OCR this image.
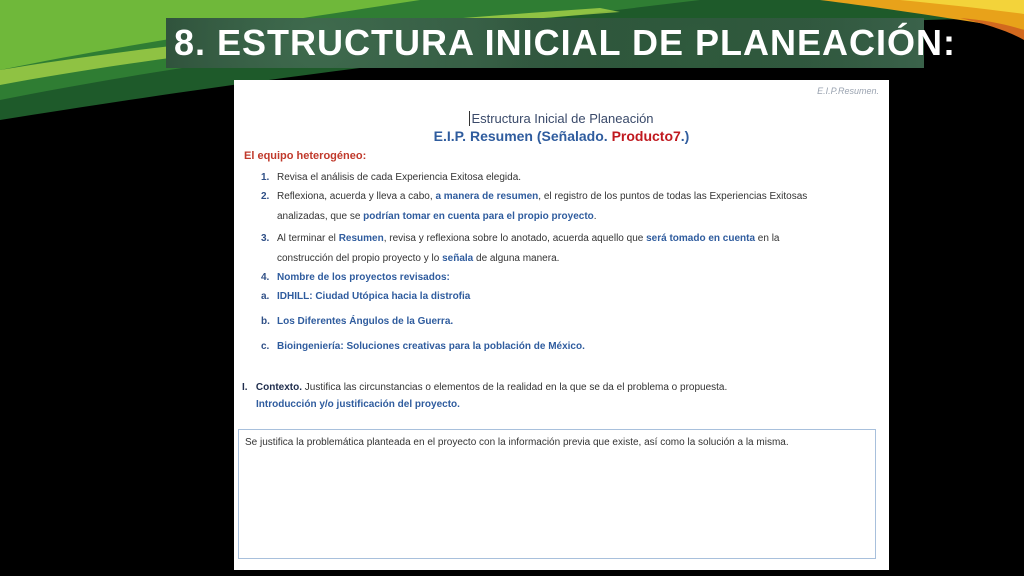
8. ESTRUCTURA INICIAL DE PLANEACIÓN:
E.I.P.Resumen.
Estructura Inicial de Planeación
E.I.P. Resumen (Señalado. Producto7.)
El equipo heterogéneo:
1. Revisa el análisis de cada Experiencia Exitosa elegida.
2. Reflexiona, acuerda y lleva a cabo, a manera de resumen, el registro de los puntos de todas las Experiencias Exitosas
analizadas, que se podrían tomar en cuenta para el propio proyecto.
3. Al terminar el Resumen, revisa y reflexiona sobre lo anotado, acuerda aquello que será tomado en cuenta en la
construcción del propio proyecto y lo señala de alguna manera.
4. Nombre de los proyectos revisados:
a. IDHILL: Ciudad Utópica hacia la distrofia
b. Los Diferentes Ángulos de la Guerra.
c. Bioingeniería: Soluciones creativas para la población de México.
I. Contexto. Justifica las circunstancias o elementos de la realidad en la que se da el problema o propuesta.
Introducción y/o justificación del proyecto.
Se justifica la problemática planteada en el proyecto con la información previa que existe, así como la solución a la misma.
